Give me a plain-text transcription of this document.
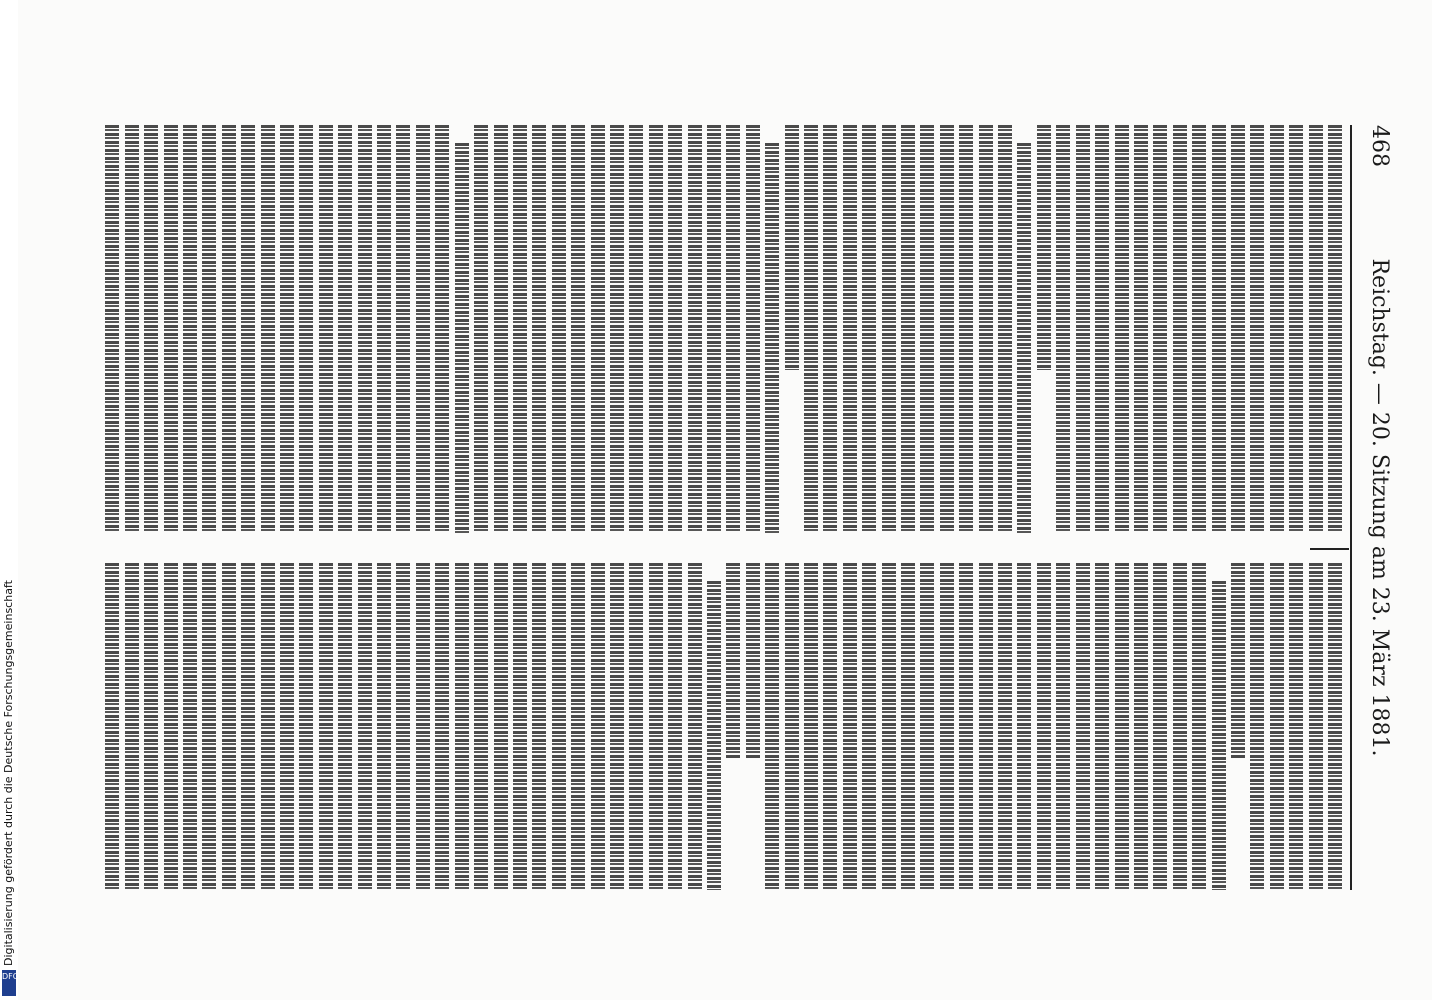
468
Reichstag. — 20. Sitzung am 23. März 1881.
Digitalisierung gefördert durch die Deutsche Forschungsgemeinschaft
DFG
